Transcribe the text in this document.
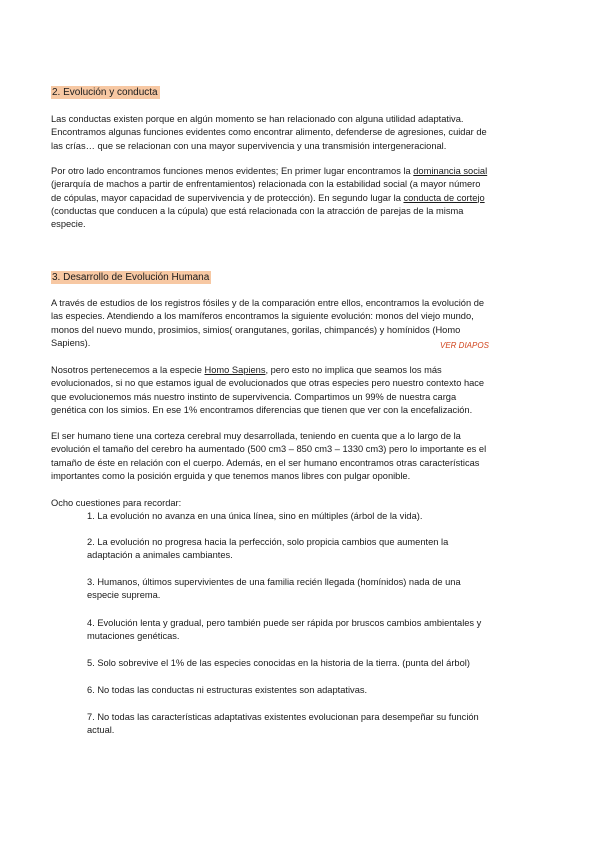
2. Evolución y conducta
Las conductas existen porque en algún momento se han relacionado con alguna utilidad adaptativa.
Encontramos algunas funciones evidentes como encontrar alimento, defenderse de agresiones, cuidar de
las crías… que se relacionan con una mayor supervivencia y una transmisión intergeneracional.
Por otro lado encontramos funciones menos evidentes; En primer lugar encontramos la dominancia social
(jerarquía de machos a partir de enfrentamientos) relacionada con la estabilidad social (a mayor número
de cópulas, mayor capacidad de supervivencia y de protección). En segundo lugar la conducta de cortejo
(conductas que conducen a la cúpula) que está relacionada con la atracción de parejas de la misma
especie.
3. Desarrollo de Evolución Humana
A través de estudios de los registros fósiles y de la comparación entre ellos, encontramos la evolución de
las especies. Atendiendo a los mamíferos encontramos la siguiente evolución: monos del viejo mundo,
monos del nuevo mundo, prosimios, simios( orangutanes, gorilas, chimpancés) y homínidos (Homo
Sapiens).	VER DIAPOS
Nosotros pertenecemos a la especie Homo Sapiens, pero esto no implica que seamos los más
evolucionados, si no que estamos igual de evolucionados que otras especies pero nuestro contexto hace
que evolucionemos más nuestro instinto de supervivencia. Compartimos un 99% de nuestra carga
genética con los simios. En ese 1% encontramos diferencias que tienen que ver con la encefalización.
El ser humano tiene una corteza cerebral muy desarrollada, teniendo en cuenta que a lo largo de la
evolución el tamaño del cerebro ha aumentado (500 cm3 – 850 cm3 – 1330 cm3) pero lo importante es el
tamaño de éste en relación con el cuerpo. Además, en el ser humano encontramos otras características
importantes como la posición erguida y que tenemos manos libres con pulgar oponible.
Ocho cuestiones para recordar:
1. La evolución no avanza en una única línea, sino en múltiples (árbol de la vida).
2. La evolución no progresa hacia la perfección, solo propicia cambios que aumenten la
adaptación a animales cambiantes.
3. Humanos, últimos supervivientes de una familia recién llegada (homínidos) nada de una
especie suprema.
4. Evolución lenta y gradual, pero también puede ser rápida por bruscos cambios ambientales y
mutaciones genéticas.
5. Solo sobrevive el 1% de las especies conocidas en la historia de la tierra. (punta del árbol)
6. No todas las conductas ni estructuras existentes son adaptativas.
7. No todas las características adaptativas existentes evolucionan para desempeñar su función
actual.
